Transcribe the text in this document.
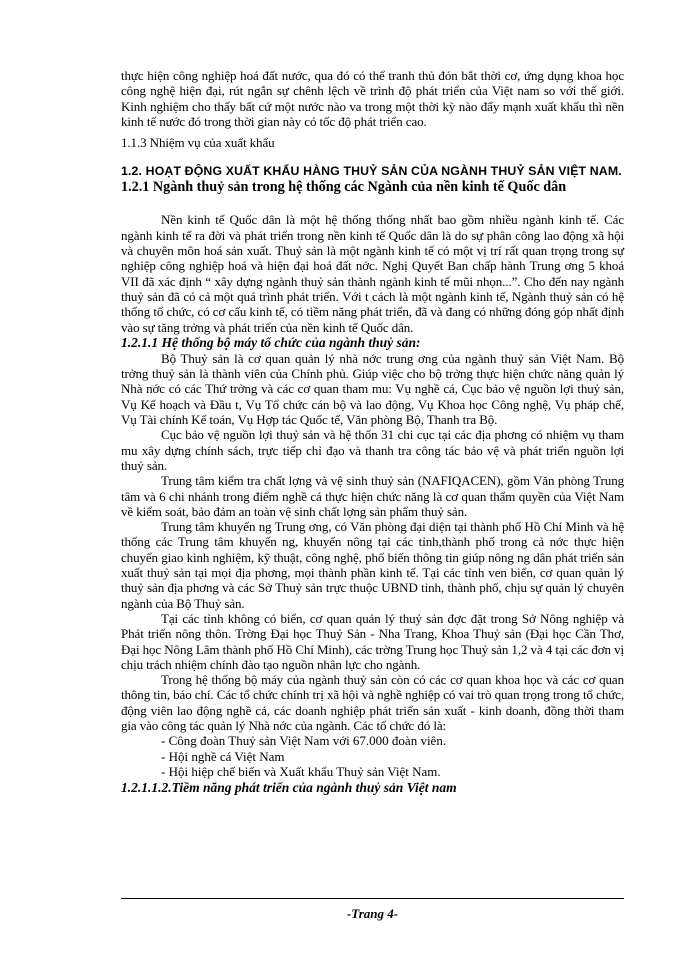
thực hiện công nghiệp hoá đất nước, qua đó có thể tranh thủ đón bắt thời cơ, ứng dụng khoa học công nghệ hiện đại, rút ngắn sự chênh lệch về trình độ phát triển của Việt nam so với thế giới. Kinh nghiệm cho thấy bất cứ một nước nào va trong một thời kỳ nào đẩy mạnh xuất khẩu thì nền kinh tế nước đó trong thời gian này có tốc độ phát triển cao.

1.1.3 Nhiệm vụ của xuất khẩu

1.2. HOẠT ĐỘNG XUẤT KHẨU HÀNG THUỶ SẢN CỦA NGÀNH THUỶ SẢN VIỆT NAM.
1.2.1 Ngành thuỷ sản trong hệ thống các Ngành của nền kinh tế Quốc dân

Nền kinh tế Quốc dân là một hệ thống thống nhất bao gồm nhiều ngành kinh tế. Các ngành kinh tế ra đời và phát triển trong nền kinh tế Quốc dân là do sự phân công lao động xã hội và chuyên môn hoá sản xuất. Thuỷ sản là một ngành kinh tế có một vị trí rất quan trọng trong sự nghiệp công nghiệp hoá và hiện đại hoá đất nớc. Nghị Quyết Ban chấp hành Trung ơng 5 khoá VII đã xác định “ xây dựng ngành thuỷ sản thành ngành kinh tế mũi nhọn...”. Cho đến nay ngành thuỷ sản đã có cả một quá trình phát triển. Với t cách là một ngành kinh tế, Ngành thuỷ sản có hệ thống tổ chức, có cơ cấu kinh tế, có tiềm năng phát triển, đã và đang có những đóng góp nhất định vào sự tăng trởng và phát triển của nền kinh tế Quốc dân.

1.2.1.1 Hệ thống bộ máy tổ chức của ngành thuỷ sản:

Bộ Thuỷ sản là cơ quan quản lý nhà nớc trung ơng của ngành thuỷ sản Việt Nam. Bộ trởng thuỷ sản là thành viên của Chính phủ. Giúp việc cho bộ trởng thực hiện chức năng quản lý Nhà nớc có các Thứ trởng và các cơ quan tham mu: Vụ nghề cá, Cục bảo vệ nguồn lợi thuỷ sản, Vụ Kế hoạch và Đầu t, Vụ Tổ chức cán bộ và lao động, Vụ Khoa học Công nghệ, Vụ pháp chế, Vụ Tài chính Kế toán, Vụ Hợp tác Quốc tế, Văn phòng Bộ, Thanh tra Bộ.

Cục bảo vệ nguồn lợi thuỷ sản và hệ thốn 31 chi cục tại các địa phơng có nhiệm vụ tham mu xây dựng chính sách, trực tiếp chỉ đạo và thanh tra công tác bảo vệ và phát triển nguồn lợi thuỷ sản.

Trung tâm kiểm tra chất lợng và vệ sinh thuỷ sản (NAFIQACEN), gồm Văn phòng Trung tâm và 6 chi nhánh trong điểm nghề cá thực hiện chức năng là cơ quan thẩm quyền của Việt Nam về kiểm soát, bảo đảm an toàn vệ sinh chất lợng sản phẩm thuỷ sản.

Trung tâm khuyến ng Trung ơng, có Văn phòng đại diện tại thành phố Hồ Chí Minh và hệ thống các Trung tâm khuyến ng, khuyến nông tại các tỉnh,thành phố trong cả nớc thực hiện chuyển giao kinh nghiệm, kỹ thuật, công nghệ, phổ biến thông tin giúp nông ng dân phát triển sản xuất thuỷ sản tại mọi địa phơng, mọi thành phần kinh tế. Tại các tỉnh ven biển, cơ quan quản lý thuỷ sản địa phơng và các Sở Thuỷ sản trực thuộc UBND tỉnh, thành phố, chịu sự quản lý chuyên ngành của Bộ Thuỷ sản.

Tại các tỉnh không có biển, cơ quan quản lý thuỷ sản đợc đặt trong Sở Nông nghiệp và Phát triển nông thôn. Trờng Đại học Thuỷ Sản - Nha Trang, Khoa Thuỷ sản (Đại học Cần Thơ, Đại học Nông Lâm thành phố Hồ Chí Minh), các trờng Trung học Thuỷ sản 1,2 và 4 tại các đơn vị chịu trách nhiệm chính đào tạo nguồn nhân lực cho ngành.

Trong hệ thống bộ máy của ngành thuỷ sản còn có các cơ quan khoa học và các cơ quan thông tin, báo chí. Các tổ chức chính trị xã hội và nghề nghiệp có vai trò quan trọng trong tổ chức, động viên lao động nghề cá, các doanh nghiệp phát triển sản xuất - kinh doanh, đồng thời tham gia vào công tác quản lý Nhà nớc của ngành. Các tổ chức đó là:

- Công đoàn Thuỷ sản Việt Nam với 67.000 đoàn viên.
- Hội nghề cá Việt Nam
- Hội hiệp chế biến và Xuất khẩu Thuỷ sản Việt Nam.
1.2.1.1.2.Tiềm năng phát triển của ngành thuỷ sản Việt nam
-Trang 4-
